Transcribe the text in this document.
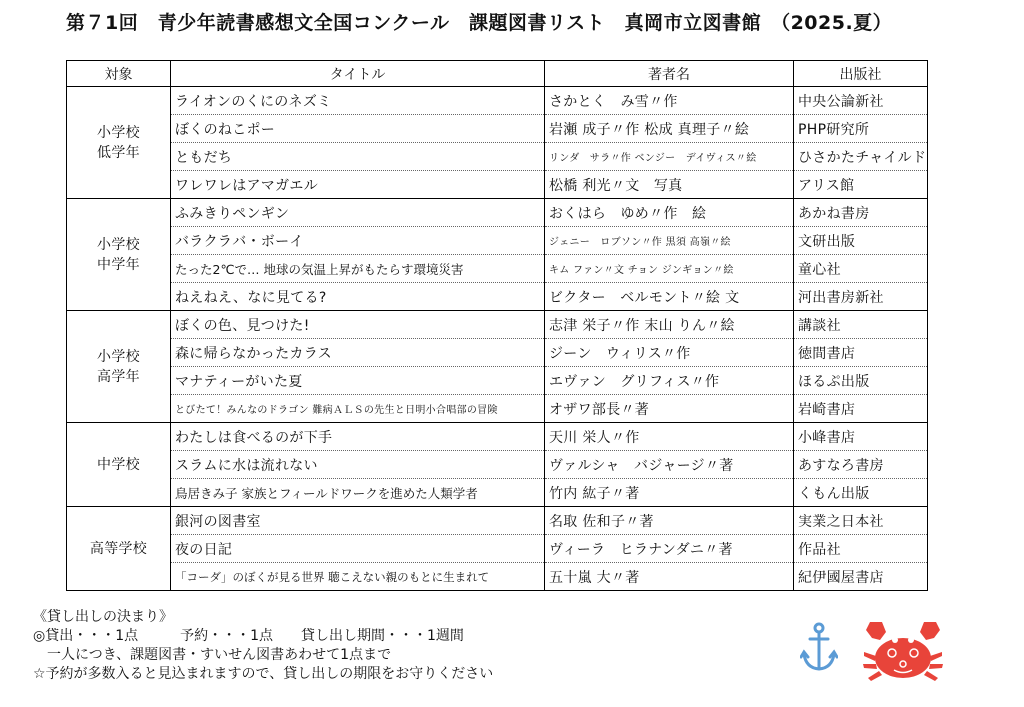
第７1回　青少年読書感想文全国コンクール　課題図書リスト　真岡市立図書館　（2025.夏）
対象	タイトル	著者名	出版社
小学校
低学年	ライオンのくにのネズミ	さかとく　み雪〃作	中央公論新社
	ぼくのねこポー	岩瀬 成子〃作 松成 真理子〃絵	PHP研究所
	ともだち	リンダ　サラ〃作 ベンジー　デイヴィス〃絵	ひさかたチャイルド
	ワレワレはアマガエル	松橋 利光〃文　写真	アリス館
小学校
中学年	ふみきりペンギン	おくはら　ゆめ〃作　絵	あかね書房
	バラクラバ・ボーイ	ジェニー　ロブソン〃作 黒須 高嶺〃絵	文研出版
	たった2℃で… 地球の気温上昇がもたらす環境災害	キム ファン〃文 チョン ジンギョン〃絵	童心社
	ねえねえ、なに見てる?	ビクター　ベルモント〃絵 文	河出書房新社
小学校
高学年	ぼくの色、見つけた!	志津 栄子〃作 末山 りん〃絵	講談社
	森に帰らなかったカラス	ジーン　ウィリス〃作	徳間書店
	マナティーがいた夏	エヴァン　グリフィス〃作	ほるぷ出版
	とびたて！みんなのドラゴン 難病ＡＬＳの先生と日明小合唱部の冒険	オザワ部長〃著	岩崎書店
中学校	わたしは食べるのが下手	天川 栄人〃作	小峰書店
	スラムに水は流れない	ヴァルシャ　バジャージ〃著	あすなろ書房
	鳥居きみ子 家族とフィールドワークを進めた人類学者	竹内 紘子〃著	くもん出版
高等学校	銀河の図書室	名取 佐和子〃著	実業之日本社
	夜の日記	ヴィーラ　ヒラナンダニ〃著	作品社
	「コーダ」のぼくが見る世界 聴こえない親のもとに生まれて	五十嵐 大〃著	紀伊國屋書店
《貸し出しの決まり》
◎貸出・・・1点　　　予約・・・1点　　貸し出し期間・・・1週間
　一人につき、課題図書・すいせん図書あわせて1点まで
☆予約が多数入ると見込まれますので、貸し出しの期限をお守りください
